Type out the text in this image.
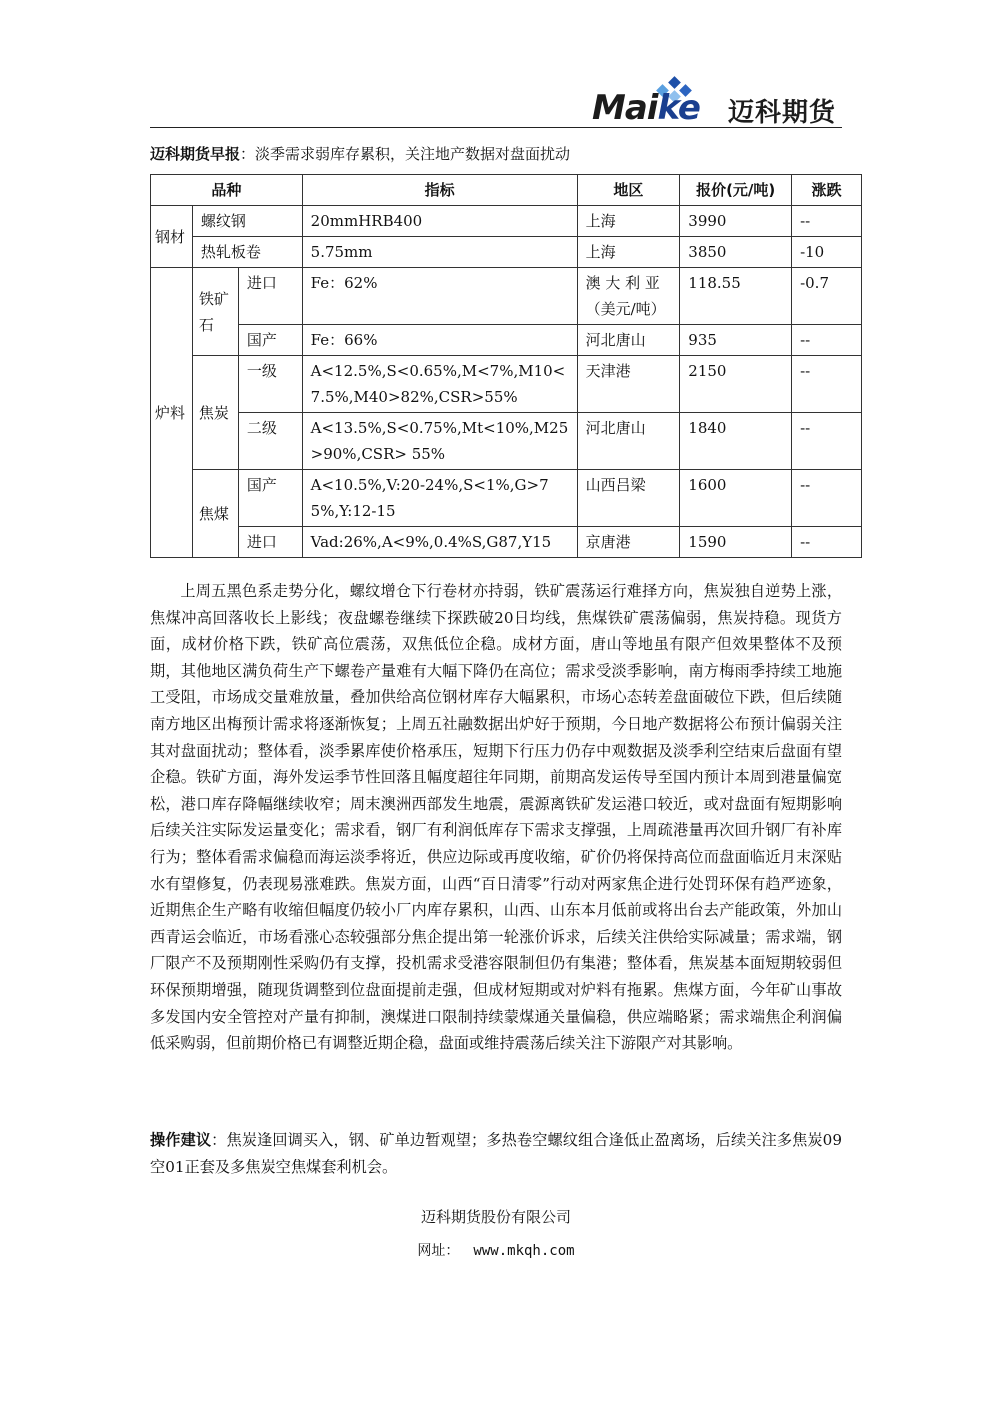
Maike 迈科期货
迈科期货早报：淡季需求弱库存累积，关注地产数据对盘面扰动
品种			指标	地区	报价(元/吨)	涨跌
钢材	螺纹钢		20mmHRB400	上海	3990	--
	热轧板卷		5.75mm	上海	3850	-10
炉料	铁矿石	进口	Fe：62%	澳 大 利 亚（美元/吨）	118.55	-0.7
		国产	Fe：66%	河北唐山	935	--
	焦炭	一级	A<12.5%,S<0.65%,M<7%,M10<7.5%,M40>82%,CSR>55%	天津港	2150	--
		二级	A<13.5%,S<0.75%,Mt<10%,M25>90%,CSR> 55%	河北唐山	1840	--
	焦煤	国产	A<10.5%,V:20-24%,S<1%,G>75%,Y:12-15	山西吕梁	1600	--
		进口	Vad:26%,A<9%,0.4%S,G87,Y15	京唐港	1590	--

上周五黑色系走势分化，螺纹增仓下行卷材亦持弱，铁矿震荡运行难择方向，焦炭独自逆势上涨，焦煤冲高回落收长上影线；夜盘螺卷继续下探跌破20日均线，焦煤铁矿震荡偏弱，焦炭持稳。现货方面，成材价格下跌，铁矿高位震荡，双焦低位企稳。成材方面，唐山等地虽有限产但效果整体不及预期，其他地区满负荷生产下螺卷产量难有大幅下降仍在高位；需求受淡季影响，南方梅雨季持续工地施工受阻，市场成交量难放量，叠加供给高位钢材库存大幅累积，市场心态转差盘面破位下跌，但后续随南方地区出梅预计需求将逐渐恢复；上周五社融数据出炉好于预期，今日地产数据将公布预计偏弱关注其对盘面扰动；整体看，淡季累库使价格承压，短期下行压力仍存中观数据及淡季利空结束后盘面有望企稳。铁矿方面，海外发运季节性回落且幅度超往年同期，前期高发运传导至国内预计本周到港量偏宽松，港口库存降幅继续收窄；周末澳洲西部发生地震，震源离铁矿发运港口较近，或对盘面有短期影响后续关注实际发运量变化；需求看，钢厂有利润低库存下需求支撑强，上周疏港量再次回升钢厂有补库行为；整体看需求偏稳而海运淡季将近，供应边际或再度收缩，矿价仍将保持高位而盘面临近月末深贴水有望修复，仍表现易涨难跌。焦炭方面，山西“百日清零”行动对两家焦企进行处罚环保有趋严迹象，近期焦企生产略有收缩但幅度仍较小厂内库存累积，山西、山东本月低前或将出台去产能政策，外加山西青运会临近，市场看涨心态较强部分焦企提出第一轮涨价诉求，后续关注供给实际减量；需求端，钢厂限产不及预期刚性采购仍有支撑，投机需求受港容限制但仍有集港；整体看，焦炭基本面短期较弱但环保预期增强，随现货调整到位盘面提前走强，但成材短期或对炉料有拖累。焦煤方面，今年矿山事故多发国内安全管控对产量有抑制，澳煤进口限制持续蒙煤通关量偏稳，供应端略紧；需求端焦企利润偏低采购弱，但前期价格已有调整近期企稳，盘面或维持震荡后续关注下游限产对其影响。

操作建议：焦炭逢回调买入，钢、矿单边暂观望；多热卷空螺纹组合逢低止盈离场，后续关注多焦炭09空01正套及多焦炭空焦煤套利机会。
迈科期货股份有限公司
网址： www.mkqh.com
